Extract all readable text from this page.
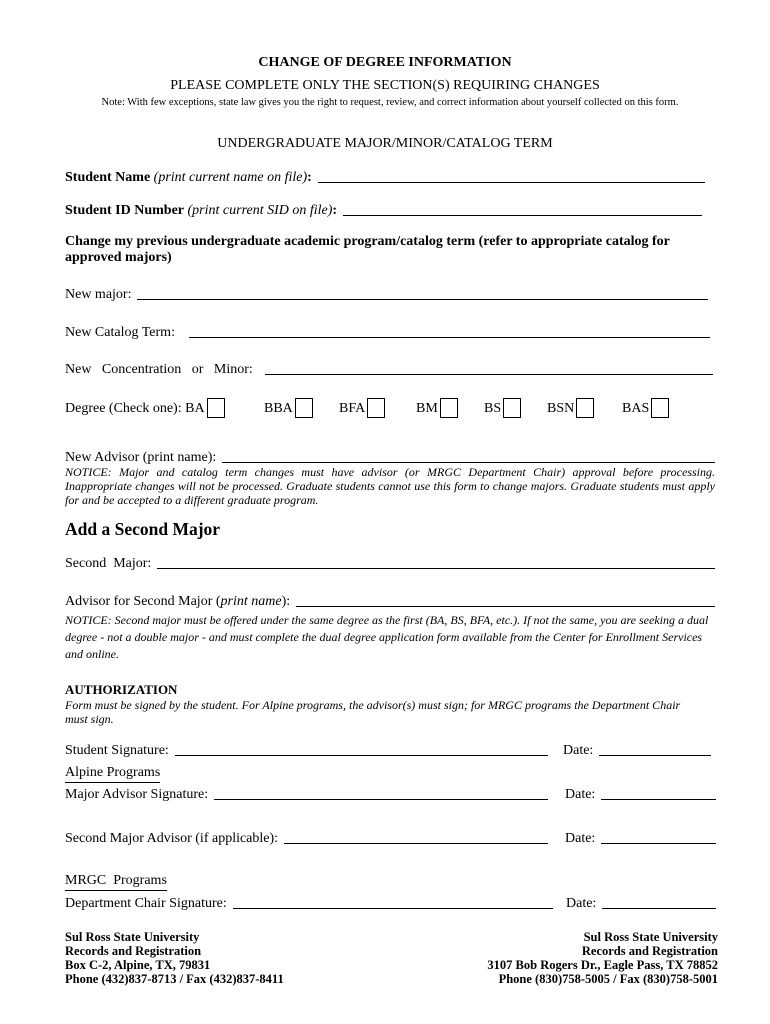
CHANGE OF DEGREE INFORMATION
PLEASE COMPLETE ONLY THE SECTION(S) REQUIRING CHANGES
Note: With few exceptions, state law gives you the right to request, review, and correct information about yourself collected on this form.
UNDERGRADUATE MAJOR/MINOR/CATALOG TERM
Student Name
(print current name on file) :
Student ID Number
(print current SID on file) :
Change my previous undergraduate academic program/catalog term (refer to appropriate catalog for approved majors)
New major:
New Catalog Term:
New   Concentration   or   Minor:
Degree (Check one): BA	BBA	BFA	BM	BS	BSN	BAS
New Advisor (print name):
NOTICE: Major and catalog term changes must have advisor (or MRGC Department Chair) approval before processing. Inappropriate changes will not be processed. Graduate students cannot use this form to change majors. Graduate students must apply for and be accepted to a different graduate program.
Add a Second Major
Second  Major:
Advisor for Second Major ( print name ):
NOTICE: Second major must be offered under the same degree as the first (BA, BS, BFA, etc.). If not the same, you are seeking a dual degree - not a double major - and must complete the dual degree application form available from the Center for Enrollment Services and online.
AUTHORIZATION
Form must be signed by the student. For Alpine programs, the advisor(s) must sign; for MRGC programs the Department Chair must sign.
Student Signature:	Date:
Alpine Programs
Major Advisor Signature:	Date:
Second Major Advisor (if applicable):	Date:
MRGC  Programs
Department Chair Signature:	Date:
Sul Ross State University
Records and Registration
Box C-2, Alpine, TX, 79831
Phone (432)837-8713 / Fax (432)837-8411
Sul Ross State University
Records and Registration
3107 Bob Rogers Dr., Eagle Pass, TX 78852
Phone (830)758-5005 / Fax (830)758-5001
